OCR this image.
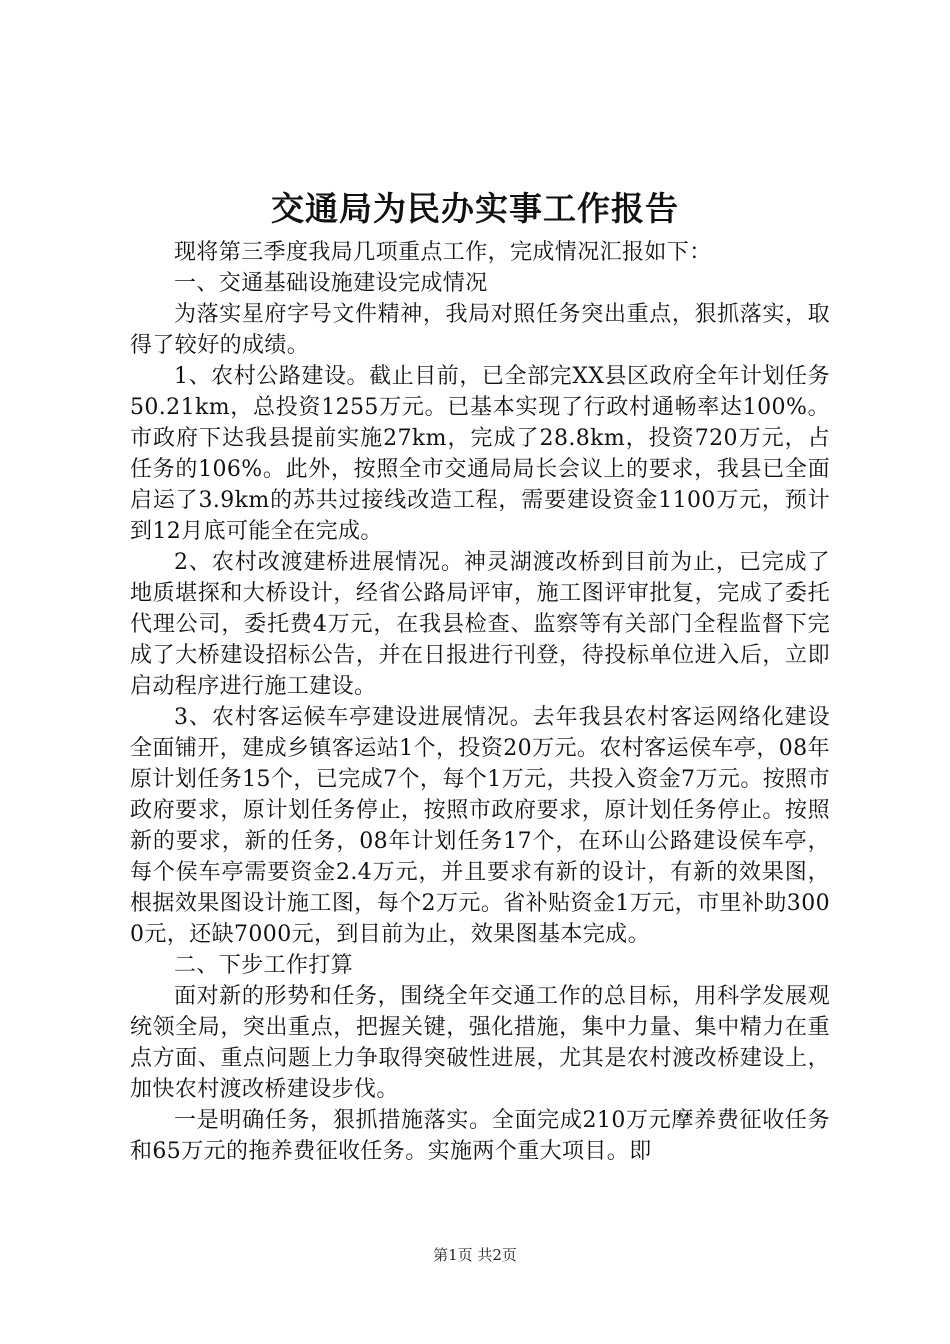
交通局为民办实事工作报告

现将第三季度我局几项重点工作，完成情况汇报如下：

一、交通基础设施建设完成情况

为落实星府字号文件精神，我局对照任务突出重点，狠抓落实，取得了较好的成绩。

1、农村公路建设。截止目前，已全部完XX县区政府全年计划任务50.21km，总投资1255万元。已基本实现了行政村通畅率达100%。市政府下达我县提前实施27km，完成了28.8km，投资720万元，占任务的106%。此外，按照全市交通局局长会议上的要求，我县已全面启运了3.9km的苏共过接线改造工程，需要建设资金1100万元，预计到12月底可能全在完成。

2、农村改渡建桥进展情况。神灵湖渡改桥到目前为止，已完成了地质堪探和大桥设计，经省公路局评审，施工图评审批复，完成了委托代理公司，委托费4万元，在我县检查、监察等有关部门全程监督下完成了大桥建设招标公告，并在日报进行刊登，待投标单位进入后，立即启动程序进行施工建设。

3、农村客运候车亭建设进展情况。去年我县农村客运网络化建设全面铺开，建成乡镇客运站1个，投资20万元。农村客运侯车亭，08年原计划任务15个，已完成7个，每个1万元，共投入资金7万元。按照市政府要求，原计划任务停止，按照市政府要求，原计划任务停止。按照新的要求，新的任务，08年计划任务17个，在环山公路建设侯车亭，每个侯车亭需要资金2.4万元，并且要求有新的设计，有新的效果图，根据效果图设计施工图，每个2万元。省补贴资金1万元，市里补助3000元，还缺7000元，到目前为止，效果图基本完成。

二、下步工作打算

面对新的形势和任务，围绕全年交通工作的总目标，用科学发展观统领全局，突出重点，把握关键，强化措施，集中力量、集中精力在重点方面、重点问题上力争取得突破性进展，尤其是农村渡改桥建设上，加快农村渡改桥建设步伐。

一是明确任务，狠抓措施落实。全面完成210万元摩养费征收任务和65万元的拖养费征收任务。实施两个重大项目。即

第1页 共2页
